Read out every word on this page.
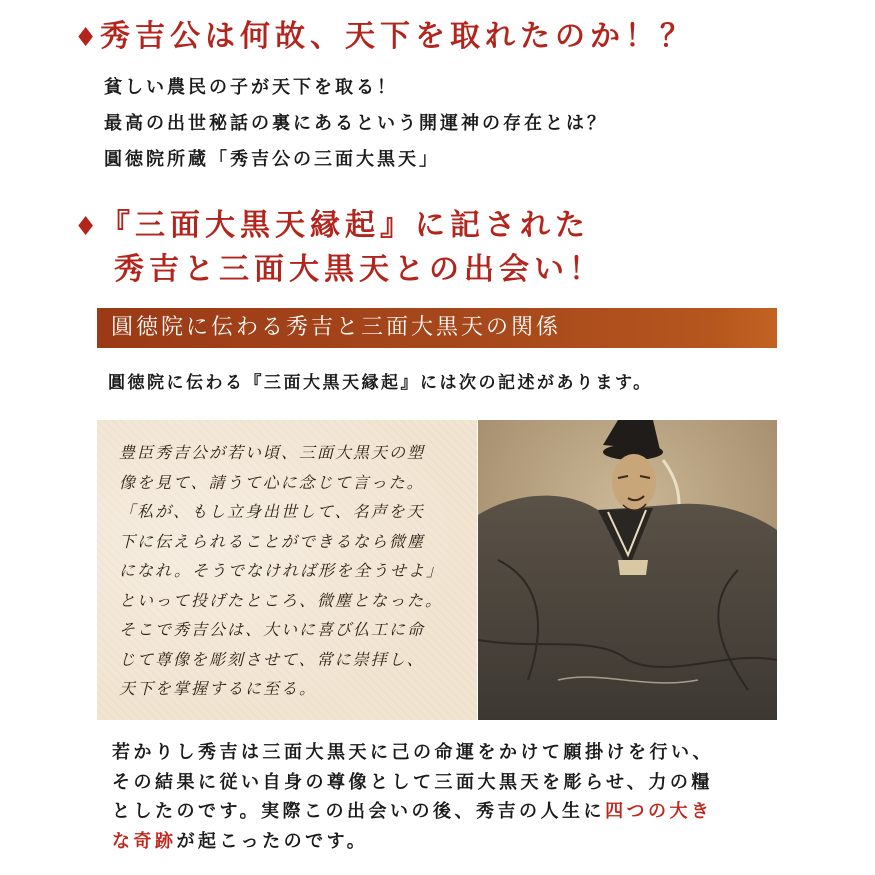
♦秀吉公は何故、天下を取れたのか！？
貧しい農民の子が天下を取る！
最高の出世秘話の裏にあるという開運神の存在とは？
圓徳院所蔵「秀吉公の三面大黒天」
♦『三面大黒天縁起』に記された
秀吉と三面大黒天との出会い！
圓徳院に伝わる秀吉と三面大黒天の関係
圓徳院に伝わる『三面大黒天縁起』には次の記述があります。
豊臣秀吉公が若い頃、三面大黒天の塑
像を見て、請うて心に念じて言った。
「私が、もし立身出世して、名声を天
下に伝えられることができるなら微塵
になれ。そうでなければ形を全うせよ」
といって投げたところ、微塵となった。
そこで秀吉公は、大いに喜び仏工に命
じて尊像を彫刻させて、常に崇拝し、
天下を掌握するに至る。
若かりし秀吉は三面大黒天に己の命運をかけて願掛けを行い、
その結果に従い自身の尊像として三面大黒天を彫らせ、力の糧
としたのです。実際この出会いの後、秀吉の人生に四つの大き
な奇跡が起こったのです。
